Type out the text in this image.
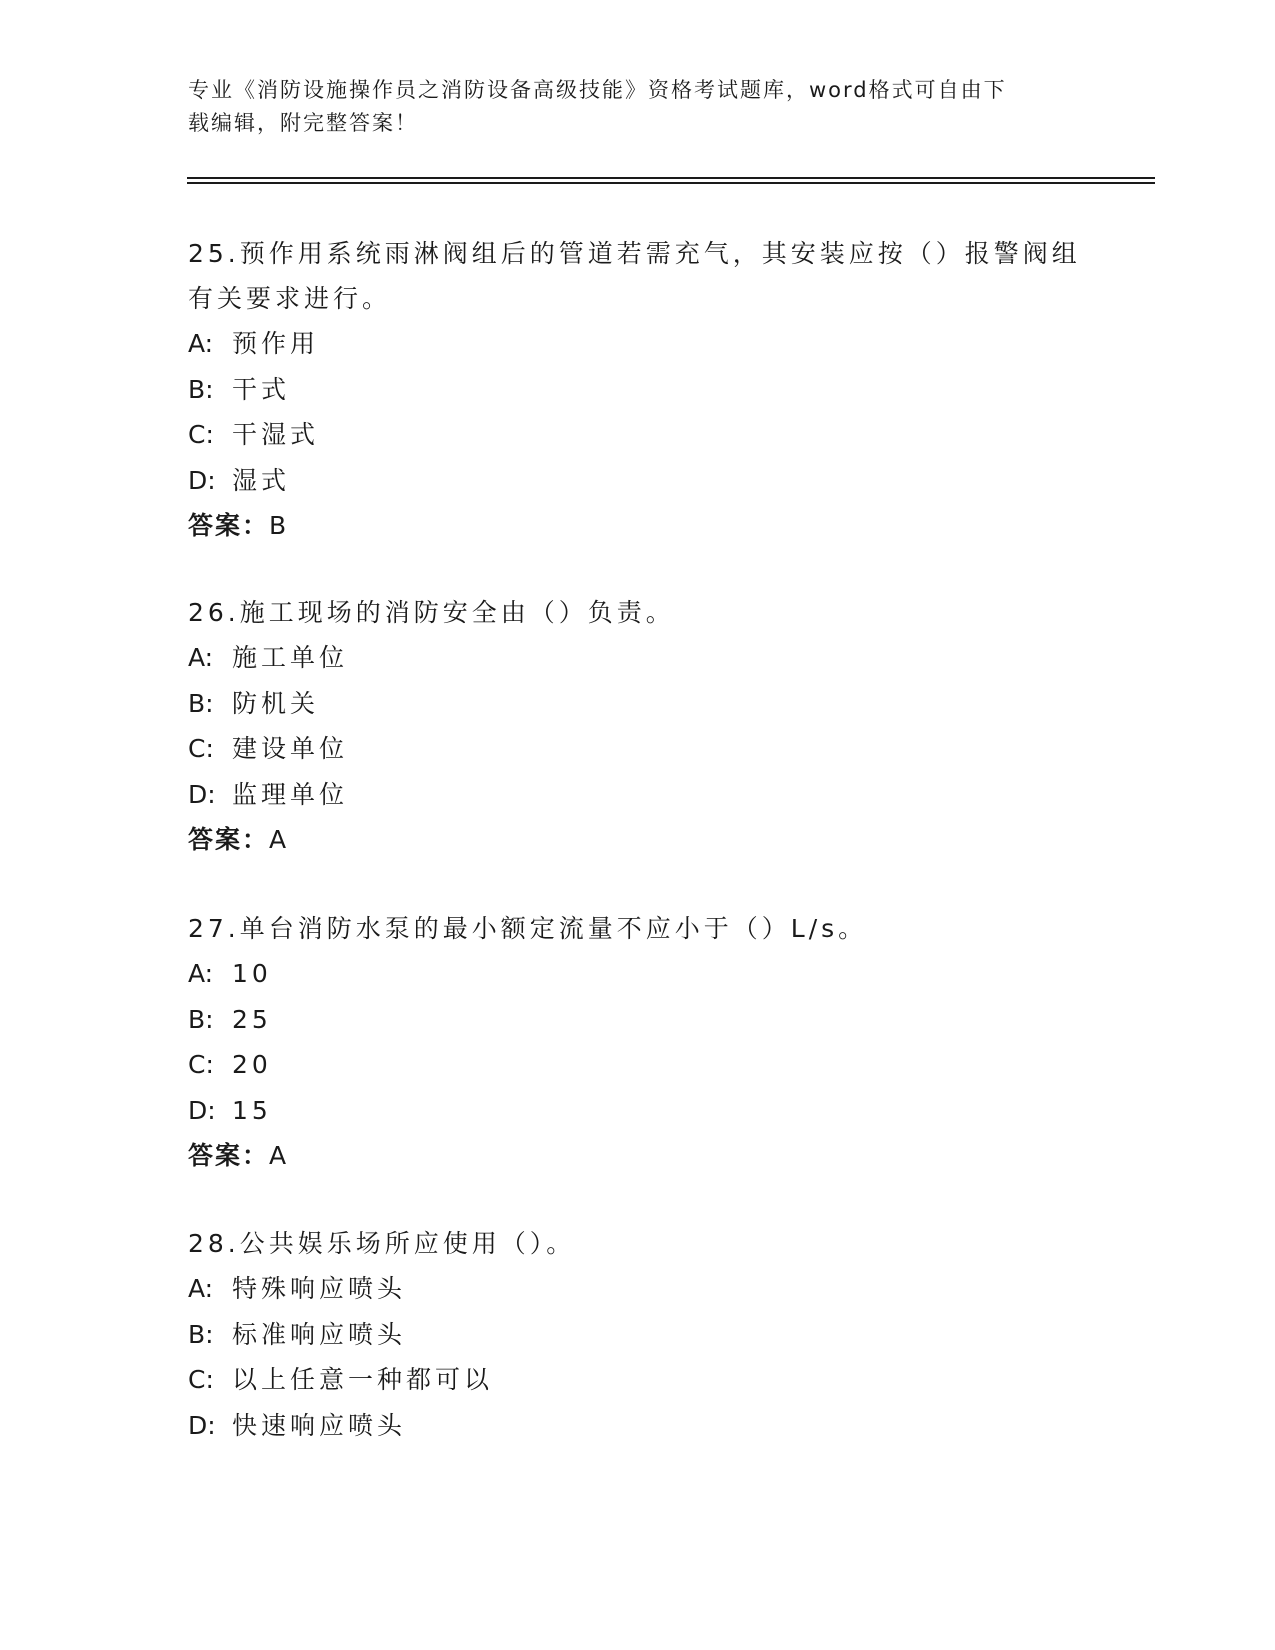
专业《消防设施操作员之消防设备高级技能》资格考试题库，word格式可自由下
载编辑，附完整答案！

25.预作用系统雨淋阀组后的管道若需充气，其安装应按（）报警阀组

有关要求进行。

A: 预作用

B: 干式

C: 干湿式

D: 湿式

答案：B

26.施工现场的消防安全由（）负责。

A: 施工单位

B: 防机关

C: 建设单位

D: 监理单位

答案：A

27.单台消防水泵的最小额定流量不应小于（）L/s。

A: 10

B: 25

C: 20

D: 15

答案：A

28.公共娱乐场所应使用（）。

A: 特殊响应喷头

B: 标准响应喷头

C: 以上任意一种都可以

D: 快速响应喷头
